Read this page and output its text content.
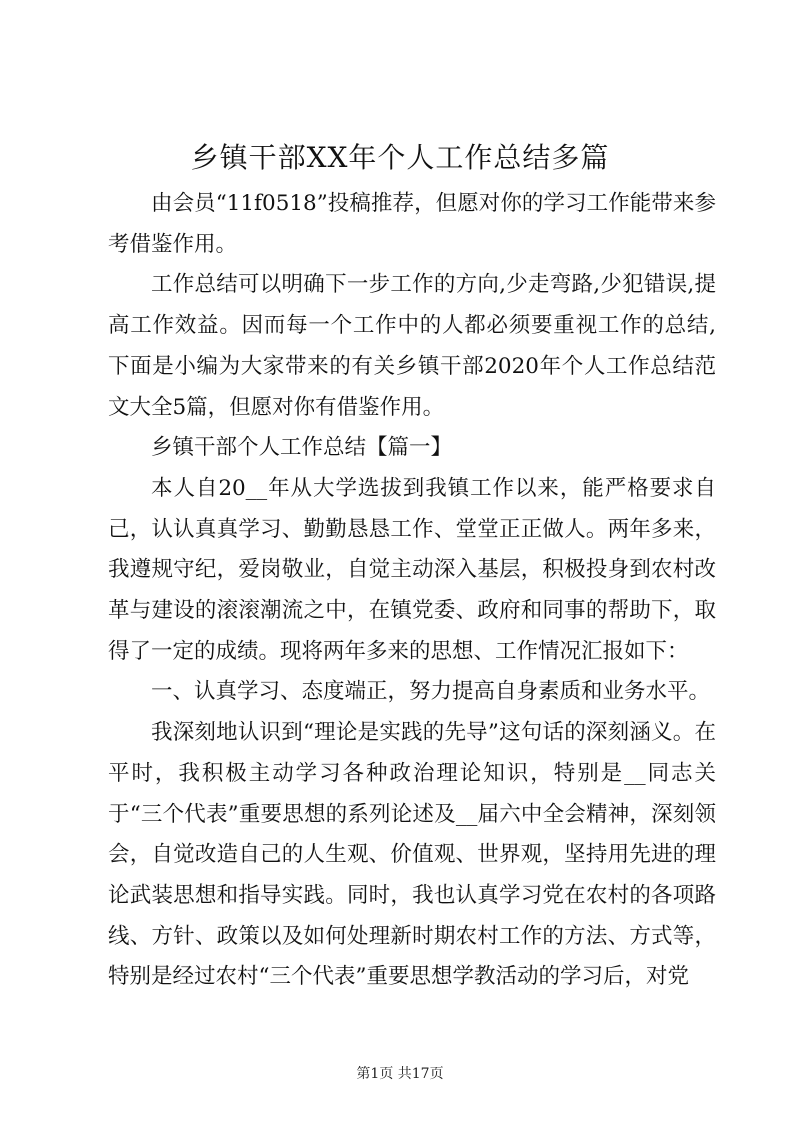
乡镇干部XX年个人工作总结多篇

由会员“11f0518”投稿推荐，但愿对你的学习工作能带来参考借鉴作用。

工作总结可以明确下一步工作的方向,少走弯路,少犯错误,提高工作效益。因而每一个工作中的人都必须要重视工作的总结,下面是小编为大家带来的有关乡镇干部2020年个人工作总结范文大全5篇，但愿对你有借鉴作用。

乡镇干部个人工作总结【篇一】

本人自20__年从大学选拔到我镇工作以来，能严格要求自己，认认真真学习、勤勤恳恳工作、堂堂正正做人。两年多来，我遵规守纪，爱岗敬业，自觉主动深入基层，积极投身到农村改革与建设的滚滚潮流之中，在镇党委、政府和同事的帮助下，取得了一定的成绩。现将两年多来的思想、工作情况汇报如下：

一、认真学习、态度端正，努力提高自身素质和业务水平。

我深刻地认识到“理论是实践的先导”这句话的深刻涵义。在平时，我积极主动学习各种政治理论知识，特别是__同志关于“三个代表”重要思想的系列论述及__届六中全会精神，深刻领会，自觉改造自己的人生观、价值观、世界观，坚持用先进的理论武装思想和指导实践。同时，我也认真学习党在农村的各项路线、方针、政策以及如何处理新时期农村工作的方法、方式等，特别是经过农村“三个代表”重要思想学教活动的学习后，对党

第1页 共17页
